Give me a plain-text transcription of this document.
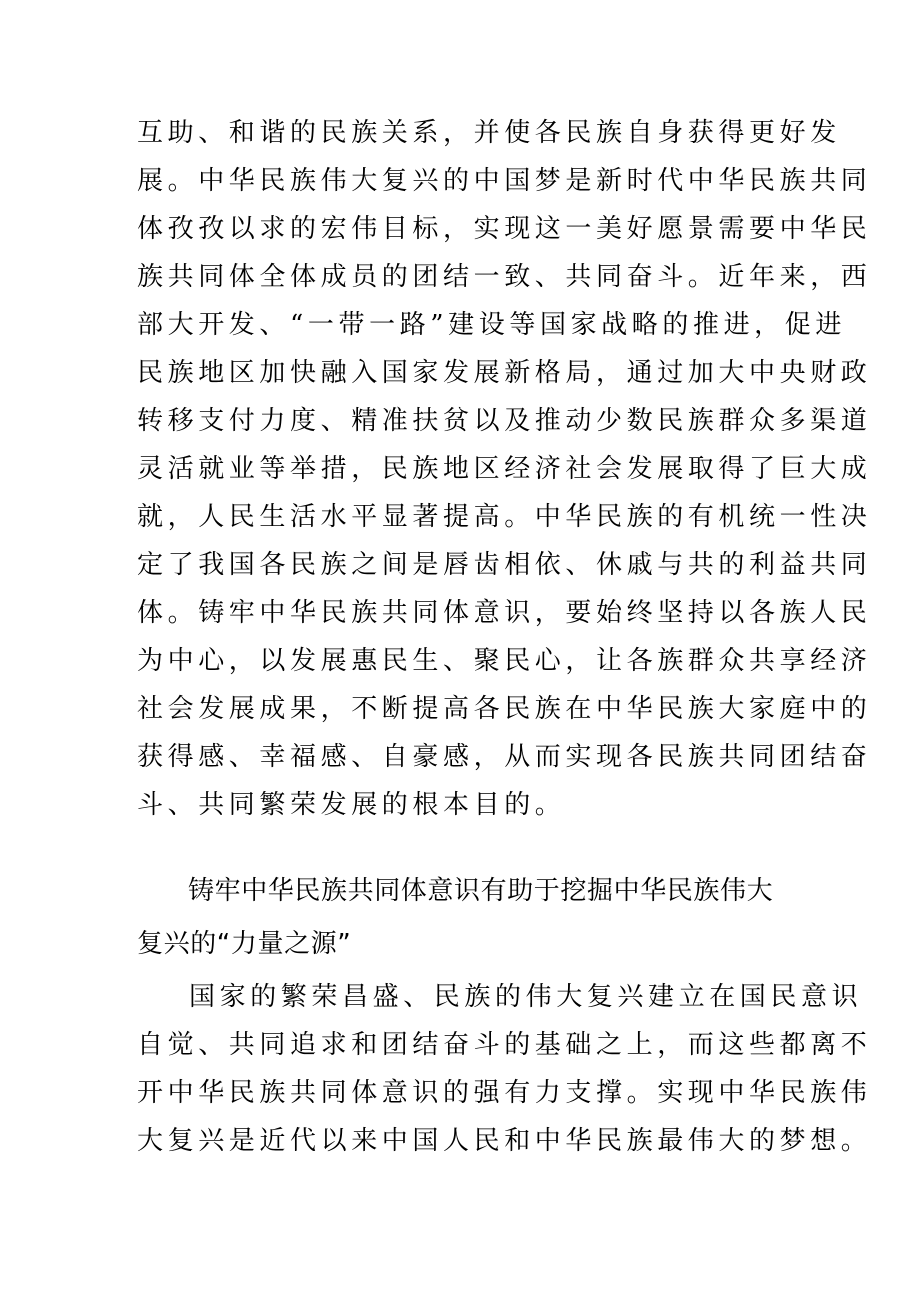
互助、和谐的民族关系，并使各民族自身获得更好发
展。中华民族伟大复兴的中国梦是新时代中华民族共同
体孜孜以求的宏伟目标，实现这一美好愿景需要中华民
族共同体全体成员的团结一致、共同奋斗。近年来，西
部大开发、“一带一路”建设等国家战略的推进，促进
民族地区加快融入国家发展新格局，通过加大中央财政
转移支付力度、精准扶贫以及推动少数民族群众多渠道
灵活就业等举措，民族地区经济社会发展取得了巨大成
就，人民生活水平显著提高。中华民族的有机统一性决
定了我国各民族之间是唇齿相依、休戚与共的利益共同
体。铸牢中华民族共同体意识，要始终坚持以各族人民
为中心，以发展惠民生、聚民心，让各族群众共享经济
社会发展成果，不断提高各民族在中华民族大家庭中的
获得感、幸福感、自豪感，从而实现各民族共同团结奋
斗、共同繁荣发展的根本目的。
铸牢中华民族共同体意识有助于挖掘中华民族伟大
复兴的“力量之源”
国家的繁荣昌盛、民族的伟大复兴建立在国民意识
自觉、共同追求和团结奋斗的基础之上，而这些都离不
开中华民族共同体意识的强有力支撑。实现中华民族伟
大复兴是近代以来中国人民和中华民族最伟大的梦想。
